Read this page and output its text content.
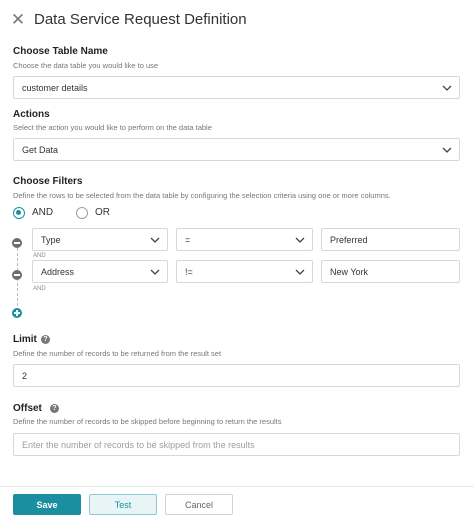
✕ Data Service Request Definition
Choose Table Name
Choose the data table you would like to use
customer details
Actions
Select the action you would like to perform on the data table
Get Data
Choose Filters
Define the rows to be selected from the data table by configuring the selection criteria using one or more columns.
AND	OR
Type	=	Preferred
AND
Address	!=	New York
AND
Limit ?
Define the number of records to be returned from the result set
2
Offset	?
Define the number of records to be skipped before beginning to return the results
Enter the number of records to be skipped from the results
Save	Test	Cancel
